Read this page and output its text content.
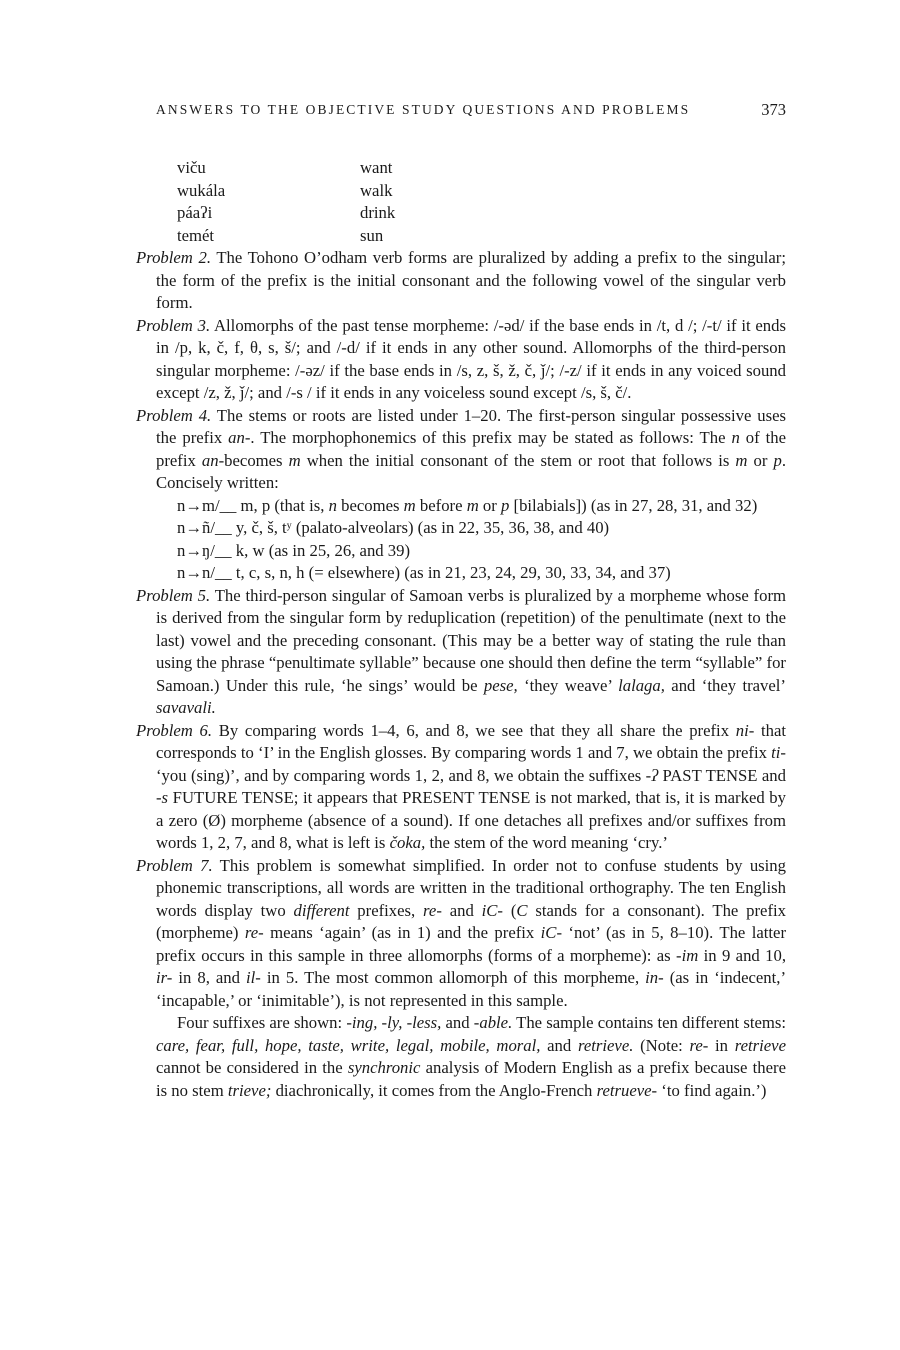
ANSWERS TO THE OBJECTIVE STUDY QUESTIONS AND PROBLEMS	373
viču	want
wukála	walk
páaʔi	drink
temét	sun

Problem 2. The Tohono O’odham verb forms are pluralized by adding a prefix to the singular; the form of the prefix is the initial consonant and the following vowel of the singular verb form.

Problem 3. Allomorphs of the past tense morpheme: /-əd/ if the base ends in /t, d /; /-t/ if it ends in /p, k, č, f, θ, s, š/; and /-d/ if it ends in any other sound. Allomorphs of the third-person singular morpheme: /-əz/ if the base ends in /s, z, š, ž, č, ǰ/; /-z/ if it ends in any voiced sound except /z, ž, ǰ/; and /-s / if it ends in any voiceless sound except /s, š, č/.

Problem 4. The stems or roots are listed under 1–20. The first-person singular possessive uses the prefix an-. The morphophonemics of this prefix may be stated as follows: The n of the prefix an-becomes m when the initial consonant of the stem or root that follows is m or p. Concisely written:

n→m/__ m, p (that is, n becomes m before m or p [bilabials]) (as in 27, 28, 31, and 32)
n→ñ/__ y, č, š, tʸ (palato-alveolars) (as in 22, 35, 36, 38, and 40)
n→ŋ/__ k, w (as in 25, 26, and 39)
n→n/__ t, c, s, n, h (= elsewhere) (as in 21, 23, 24, 29, 30, 33, 34, and 37)

Problem 5. The third-person singular of Samoan verbs is pluralized by a morpheme whose form is derived from the singular form by reduplication (repetition) of the penultimate (next to the last) vowel and the preceding consonant. (This may be a better way of stating the rule than using the phrase “penultimate syllable” because one should then define the term “syllable” for Samoan.) Under this rule, ‘he sings’ would be pese, ‘they weave’ lalaga, and ‘they travel’ savavali.

Problem 6. By comparing words 1–4, 6, and 8, we see that they all share the prefix ni- that corresponds to ‘I’ in the English glosses. By comparing words 1 and 7, we obtain the prefix ti- ‘you (sing)’, and by comparing words 1, 2, and 8, we obtain the suffixes -ʔ PAST TENSE and -s FUTURE TENSE; it appears that PRESENT TENSE is not marked, that is, it is marked by a zero (Ø) morpheme (absence of a sound). If one detaches all prefixes and/or suffixes from words 1, 2, 7, and 8, what is left is čoka, the stem of the word meaning ‘cry.’

Problem 7. This problem is somewhat simplified. In order not to confuse students by using phonemic transcriptions, all words are written in the traditional orthography. The ten English words display two different prefixes, re- and iC- (C stands for a consonant). The prefix (morpheme) re- means ‘again’ (as in 1) and the prefix iC- ‘not’ (as in 5, 8–10). The latter prefix occurs in this sample in three allomorphs (forms of a morpheme): as -im in 9 and 10, ir- in 8, and il- in 5. The most common allomorph of this morpheme, in- (as in ‘indecent,’ ‘incapable,’ or ‘inimitable’), is not represented in this sample.

Four suffixes are shown: -ing, -ly, -less, and -able. The sample contains ten different stems: care, fear, full, hope, taste, write, legal, mobile, moral, and retrieve. (Note: re- in retrieve cannot be considered in the synchronic analysis of Modern English as a prefix because there is no stem trieve; diachronically, it comes from the Anglo-French retrueve- ‘to find again.’)
